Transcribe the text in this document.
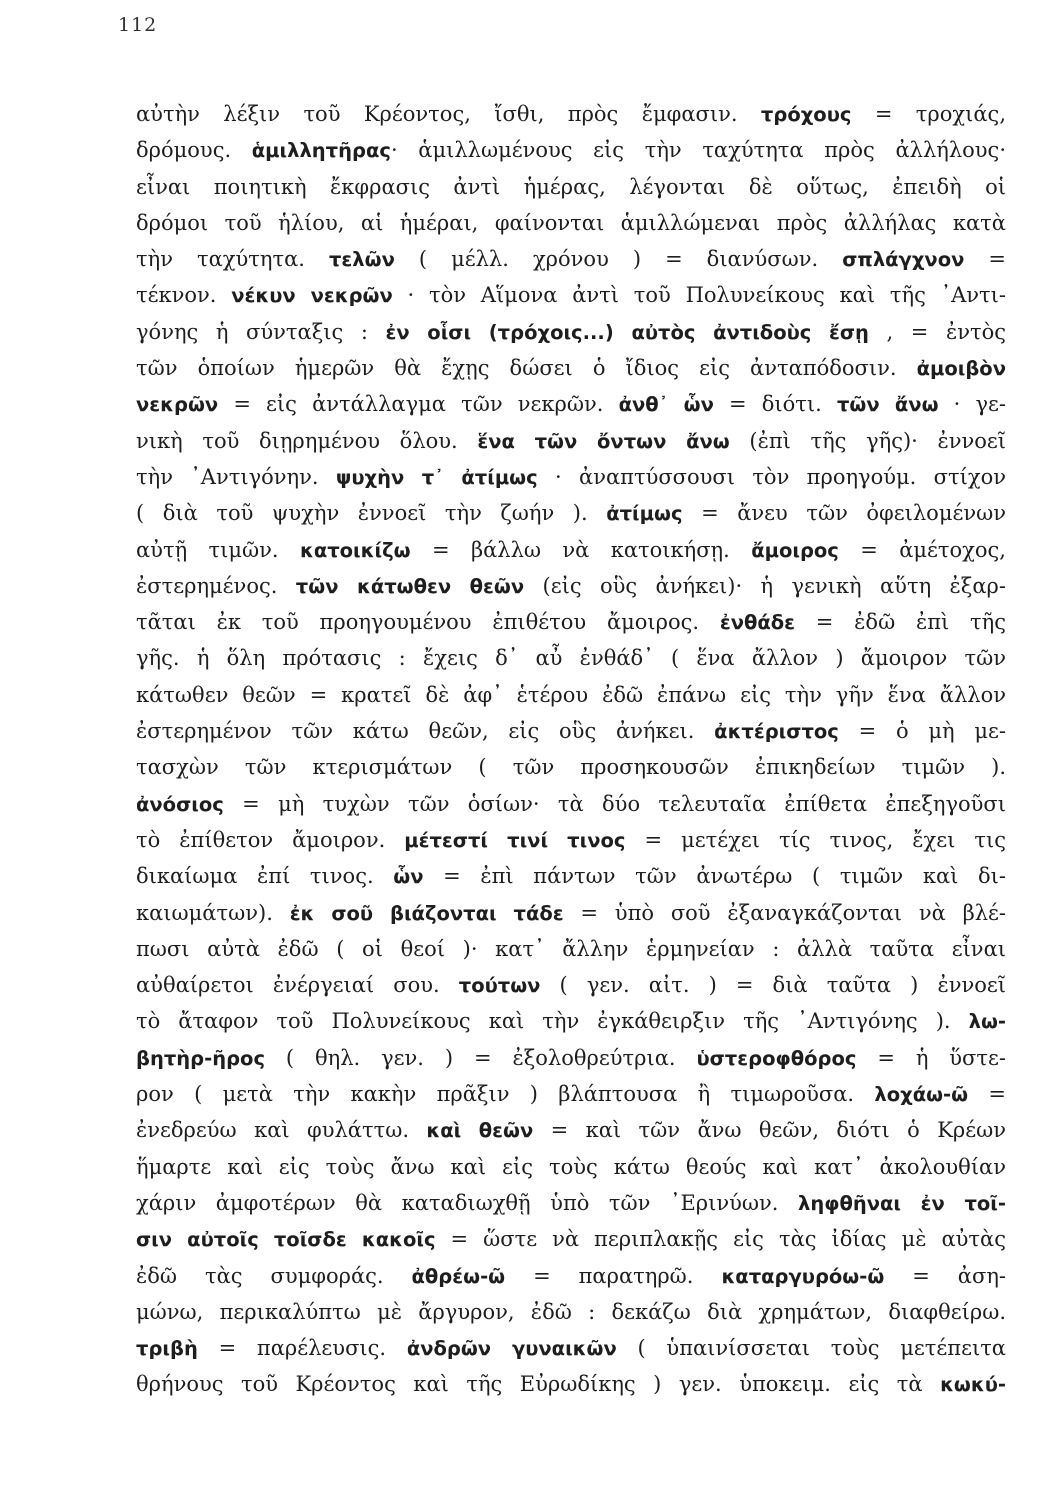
112
αὐτὴν λέξιν τοῦ Κρέοντος, ἴσθι, πρὸς ἔμφασιν. τρόχους = τροχιάς,
δρόμους. ἁμιλλητῆρας· ἁμιλλωμένους εἰς τὴν ταχύτητα πρὸς ἀλλήλους·
εἶναι ποιητικὴ ἔκφρασις ἀντὶ ἡμέρας, λέγονται δὲ οὕτως, ἐπειδὴ οἱ
δρόμοι τοῦ ἡλίου, αἱ ἡμέραι, φαίνονται ἁμιλλώμεναι πρὸς ἀλλήλας κατὰ
τὴν ταχύτητα. τελῶν ( μέλλ. χρόνου ) = διανύσων. σπλάγχνον =
τέκνον. νέκυν νεκρῶν · τὸν Αἵμονα ἀντὶ τοῦ Πολυνείκους καὶ τῆς ᾿Αντι-
γόνης ἡ σύνταξις : ἐν οἷσι (τρόχοις...) αὐτὸς ἀντιδοὺς ἔσῃ , = ἐντὸς
τῶν ὁποίων ἡμερῶν θὰ ἔχῃς δώσει ὁ ἴδιος εἰς ἀνταπόδοσιν. ἀμοιβὸν
νεκρῶν = εἰς ἀντάλλαγμα τῶν νεκρῶν. ἀνθ᾽ ὧν = διότι. τῶν ἄνω · γε-
νικὴ τοῦ διῃρημένου ὅλου. ἕνα τῶν ὄντων ἄνω (ἐπὶ τῆς γῆς)· ἐννοεῖ
τὴν ᾿Αντιγόνην. ψυχὴν τ᾽ ἀτίμως · ἀναπτύσσουσι τὸν προηγούμ. στίχον
( διὰ τοῦ ψυχὴν ἐννοεῖ τὴν ζωήν ). ἀτίμως = ἄνευ τῶν ὀφειλομένων
αὐτῇ τιμῶν. κατοικίζω = βάλλω νὰ κατοικήσῃ. ἄμοιρος = ἀμέτοχος,
ἐστερημένος. τῶν κάτωθεν θεῶν (εἰς οὓς ἀνήκει)· ἡ γενικὴ αὕτη ἐξαρ-
τᾶται ἐκ τοῦ προηγουμένου ἐπιθέτου ἄμοιρος. ἐνθάδε = ἐδῶ ἐπὶ τῆς
γῆς. ἡ ὅλη πρότασις : ἔχεις δ᾽ αὖ ἐνθάδ᾽ ( ἕνα ἄλλον ) ἄμοιρον τῶν
κάτωθεν θεῶν = κρατεῖ δὲ ἀφ᾽ ἑτέρου ἐδῶ ἐπάνω εἰς τὴν γῆν ἕνα ἄλλον
ἐστερημένον τῶν κάτω θεῶν, εἰς οὓς ἀνήκει. ἀκτέριστος = ὁ μὴ με-
τασχὼν τῶν κτερισμάτων ( τῶν προσηκουσῶν ἐπικηδείων τιμῶν ).
ἀνόσιος = μὴ τυχὼν τῶν ὁσίων· τὰ δύο τελευταῖα ἐπίθετα ἐπεξηγοῦσι
τὸ ἐπίθετον ἄμοιρον. μέτεστί τινί τινος = μετέχει τίς τινος, ἔχει τις
δικαίωμα ἐπί τινος. ὧν = ἐπὶ πάντων τῶν ἀνωτέρω ( τιμῶν καὶ δι-
καιωμάτων). ἐκ σοῦ βιάζονται τάδε = ὑπὸ σοῦ ἐξαναγκάζονται νὰ βλέ-
πωσι αὐτὰ ἐδῶ ( οἱ θεοί )· κατ᾽ ἄλλην ἑρμηνείαν : ἀλλὰ ταῦτα εἶναι
αὐθαίρετοι ἐνέργειαί σου. τούτων ( γεν. αἰτ. ) = διὰ ταῦτα ) ἐννοεῖ
τὸ ἄταφον τοῦ Πολυνείκους καὶ τὴν ἐγκάθειρξιν τῆς ᾿Αντιγόνης ). λω-
βητὴρ-ῆρος ( θηλ. γεν. ) = ἐξολοθρεύτρια. ὑστεροφθόρος = ἡ ὕστε-
ρον ( μετὰ τὴν κακὴν πρᾶξιν ) βλάπτουσα ἢ τιμωροῦσα. λοχάω-ῶ =
ἐνεδρεύω καὶ φυλάττω. καὶ θεῶν = καὶ τῶν ἄνω θεῶν, διότι ὁ Κρέων
ἥμαρτε καὶ εἰς τοὺς ἄνω καὶ εἰς τοὺς κάτω θεούς καὶ κατ᾽ ἀκολουθίαν
χάριν ἀμφοτέρων θὰ καταδιωχθῇ ὑπὸ τῶν ᾿Ερινύων. ληφθῆναι ἐν τοῖ-
σιν αὐτοῖς τοῖσδε κακοῖς = ὥστε νὰ περιπλακῇς εἰς τὰς ἰδίας μὲ αὐτὰς
ἐδῶ τὰς συμφοράς. ἀθρέω-ῶ = παρατηρῶ. καταργυρόω-ῶ = ἀση-
μώνω, περικαλύπτω μὲ ἄργυρον, ἐδῶ : δεκάζω διὰ χρημάτων, διαφθείρω.
τριβὴ = παρέλευσις. ἀνδρῶν γυναικῶν ( ὑπαινίσσεται τοὺς μετέπειτα
θρήνους τοῦ Κρέοντος καὶ τῆς Εὐρωδίκης ) γεν. ὑποκειμ. εἰς τὰ κωκύ-
